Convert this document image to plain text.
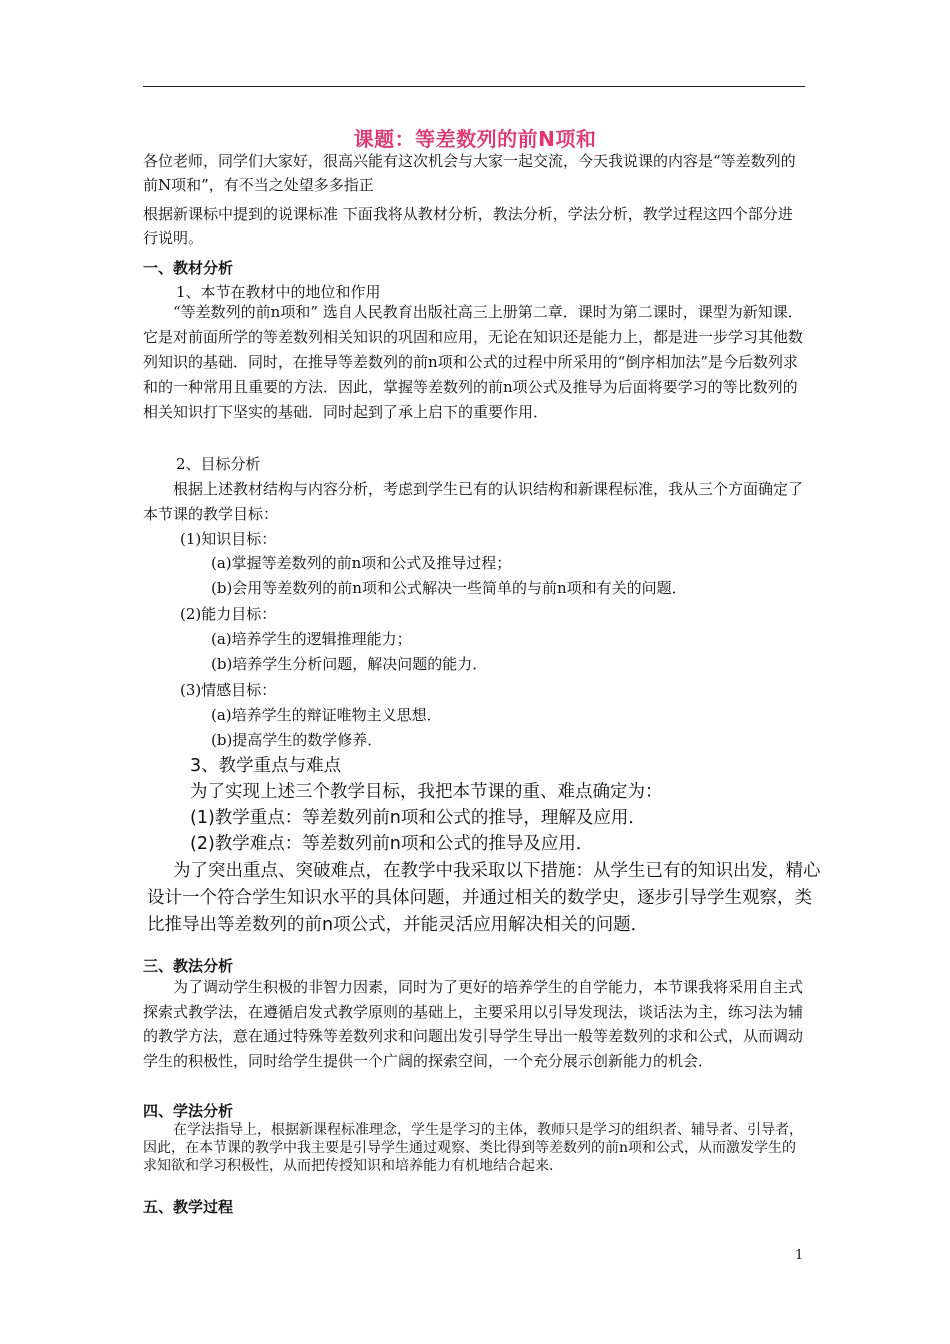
课题：等差数列的前N项和
各位老师，同学们大家好，很高兴能有这次机会与大家一起交流，今天我说课的内容是“等差数列的前N项和”，有不当之处望多多指正
根据新课标中提到的说课标准 下面我将从教材分析，教法分析，学法分析，教学过程这四个部分进行说明。
一、教材分析
1、本节在教材中的地位和作用
“等差数列的前n项和” 选自人民教育出版社高三上册第二章．课时为第二课时，课型为新知课．它是对前面所学的等差数列相关知识的巩固和应用，无论在知识还是能力上，都是进一步学习其他数列知识的基础．同时，在推导等差数列的前n项和公式的过程中所采用的“倒序相加法”是今后数列求和的一种常用且重要的方法．因此，掌握等差数列的前n项公式及推导为后面将要学习的等比数列的相关知识打下坚实的基础．同时起到了承上启下的重要作用．
2、目标分析
根据上述教材结构与内容分析，考虑到学生已有的认识结构和新课程标准，我从三个方面确定了本节课的教学目标：
(1)知识目标：
(a)掌握等差数列的前n项和公式及推导过程；
(b)会用等差数列的前n项和公式解决一些简单的与前n项和有关的问题．
(2)能力目标：
(a)培养学生的逻辑推理能力；
(b)培养学生分析问题，解决问题的能力．
(3)情感目标：
(a)培养学生的辩证唯物主义思想．
(b)提高学生的数学修养．
3、教学重点与难点
为了实现上述三个教学目标，我把本节课的重、难点确定为：
(1)教学重点：等差数列前n项和公式的推导，理解及应用．
(2)教学难点：等差数列前n项和公式的推导及应用．
为了突出重点、突破难点，在教学中我采取以下措施：从学生已有的知识出发，精心设计一个符合学生知识水平的具体问题，并通过相关的数学史，逐步引导学生观察，类比推导出等差数列的前n项公式，并能灵活应用解决相关的问题．
三、教法分析
为了调动学生积极的非智力因素，同时为了更好的培养学生的自学能力，本节课我将采用自主式 探索式教学法，在遵循启发式教学原则的基础上，主要采用以引导发现法，谈话法为主，练习法为辅的教学方法，意在通过特殊等差数列求和问题出发引导学生导出一般等差数列的求和公式，从而调动学生的积极性，同时给学生提供一个广阔的探索空间，一个充分展示创新能力的机会．
四、学法分析
在学法指导上，根据新课程标准理念，学生是学习的主体，教师只是学习的组织者、辅导者、引导者，因此，在本节课的教学中我主要是引导学生通过观察、类比得到等差数列的前n项和公式，从而激发学生的求知欲和学习积极性，从而把传授知识和培养能力有机地结合起来．
五、教学过程
1
